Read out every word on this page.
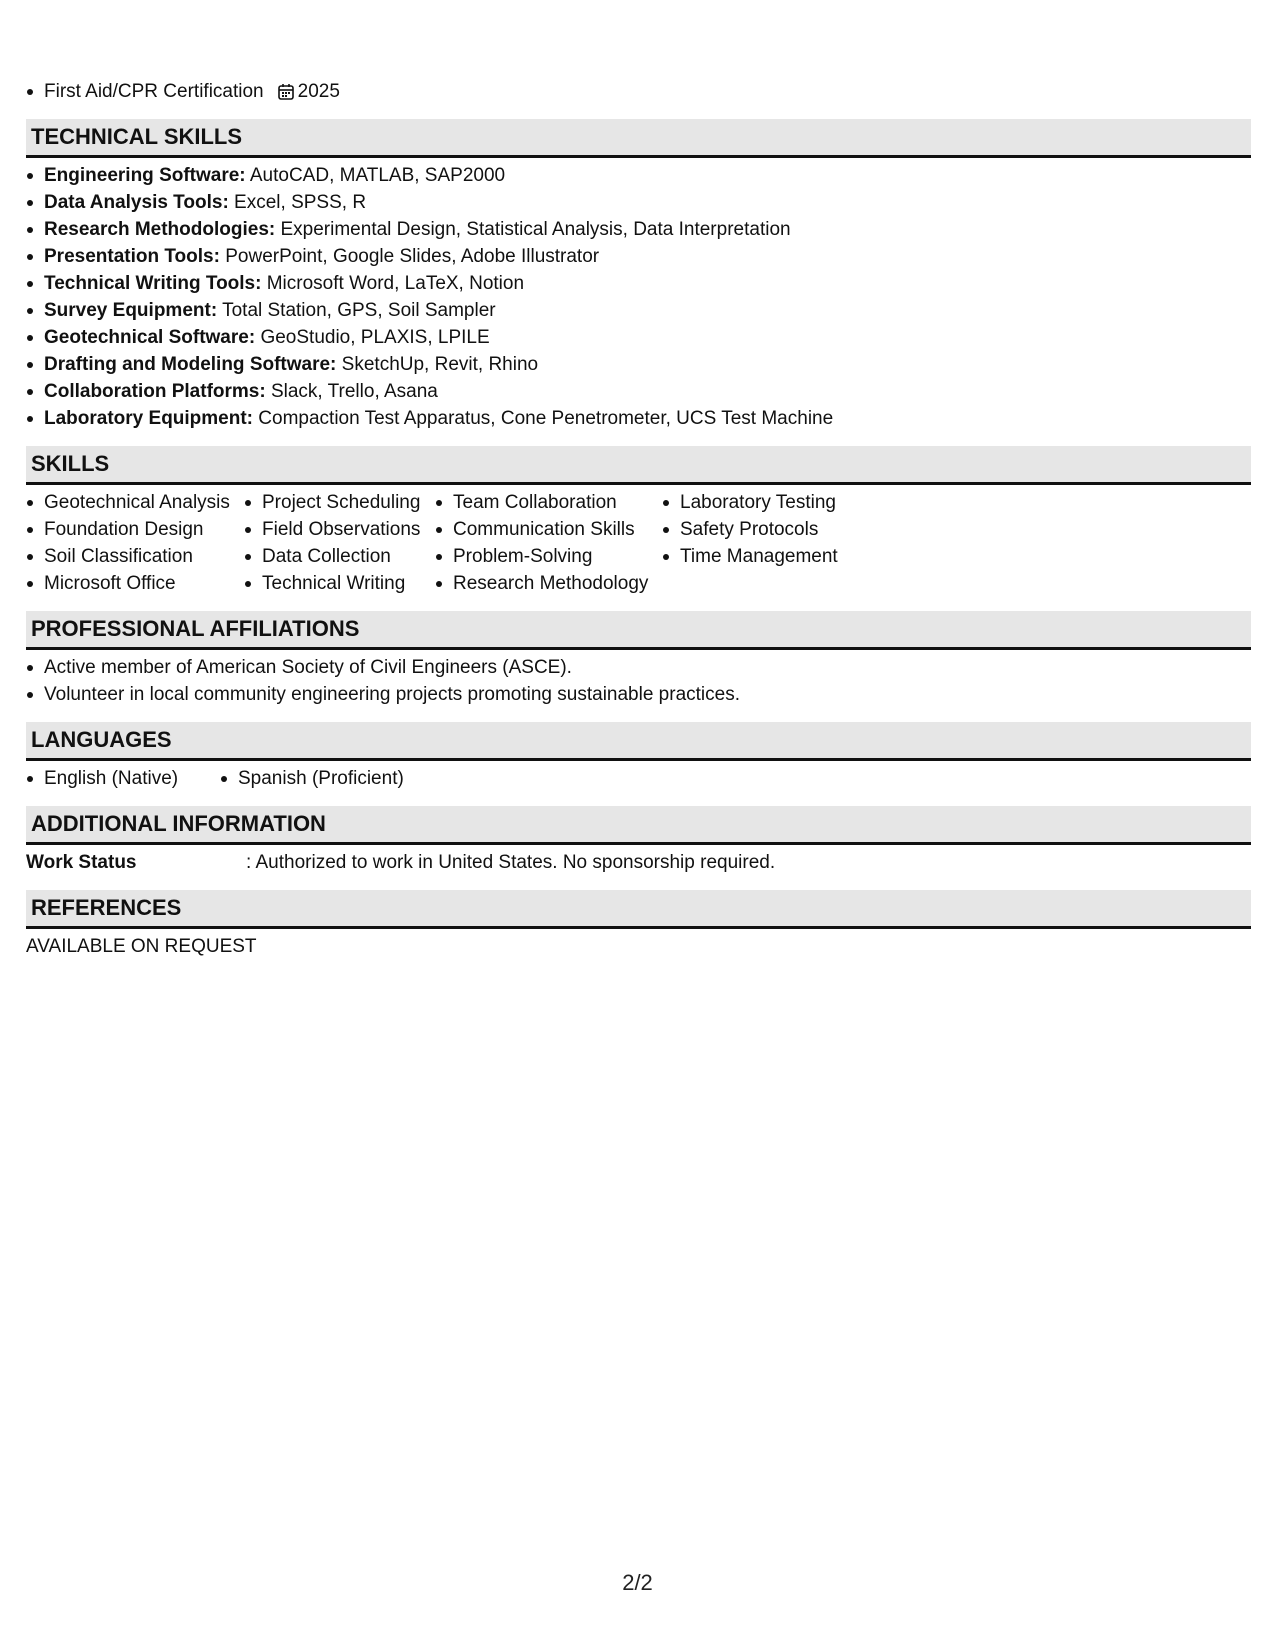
First Aid/CPR Certification 2025
TECHNICAL SKILLS
Engineering Software: AutoCAD, MATLAB, SAP2000
Data Analysis Tools: Excel, SPSS, R
Research Methodologies: Experimental Design, Statistical Analysis, Data Interpretation
Presentation Tools: PowerPoint, Google Slides, Adobe Illustrator
Technical Writing Tools: Microsoft Word, LaTeX, Notion
Survey Equipment: Total Station, GPS, Soil Sampler
Geotechnical Software: GeoStudio, PLAXIS, LPILE
Drafting and Modeling Software: SketchUp, Revit, Rhino
Collaboration Platforms: Slack, Trello, Asana
Laboratory Equipment: Compaction Test Apparatus, Cone Penetrometer, UCS Test Machine
SKILLS
Geotechnical Analysis
Foundation Design
Soil Classification
Microsoft Office
Project Scheduling
Field Observations
Data Collection
Technical Writing
Team Collaboration
Communication Skills
Problem-Solving
Research Methodology
Laboratory Testing
Safety Protocols
Time Management
PROFESSIONAL AFFILIATIONS
Active member of American Society of Civil Engineers (ASCE).
Volunteer in local community engineering projects promoting sustainable practices.
LANGUAGES
English (Native)	Spanish (Proficient)
ADDITIONAL INFORMATION
Work Status	: Authorized to work in United States. No sponsorship required.
REFERENCES
AVAILABLE ON REQUEST
2/2
